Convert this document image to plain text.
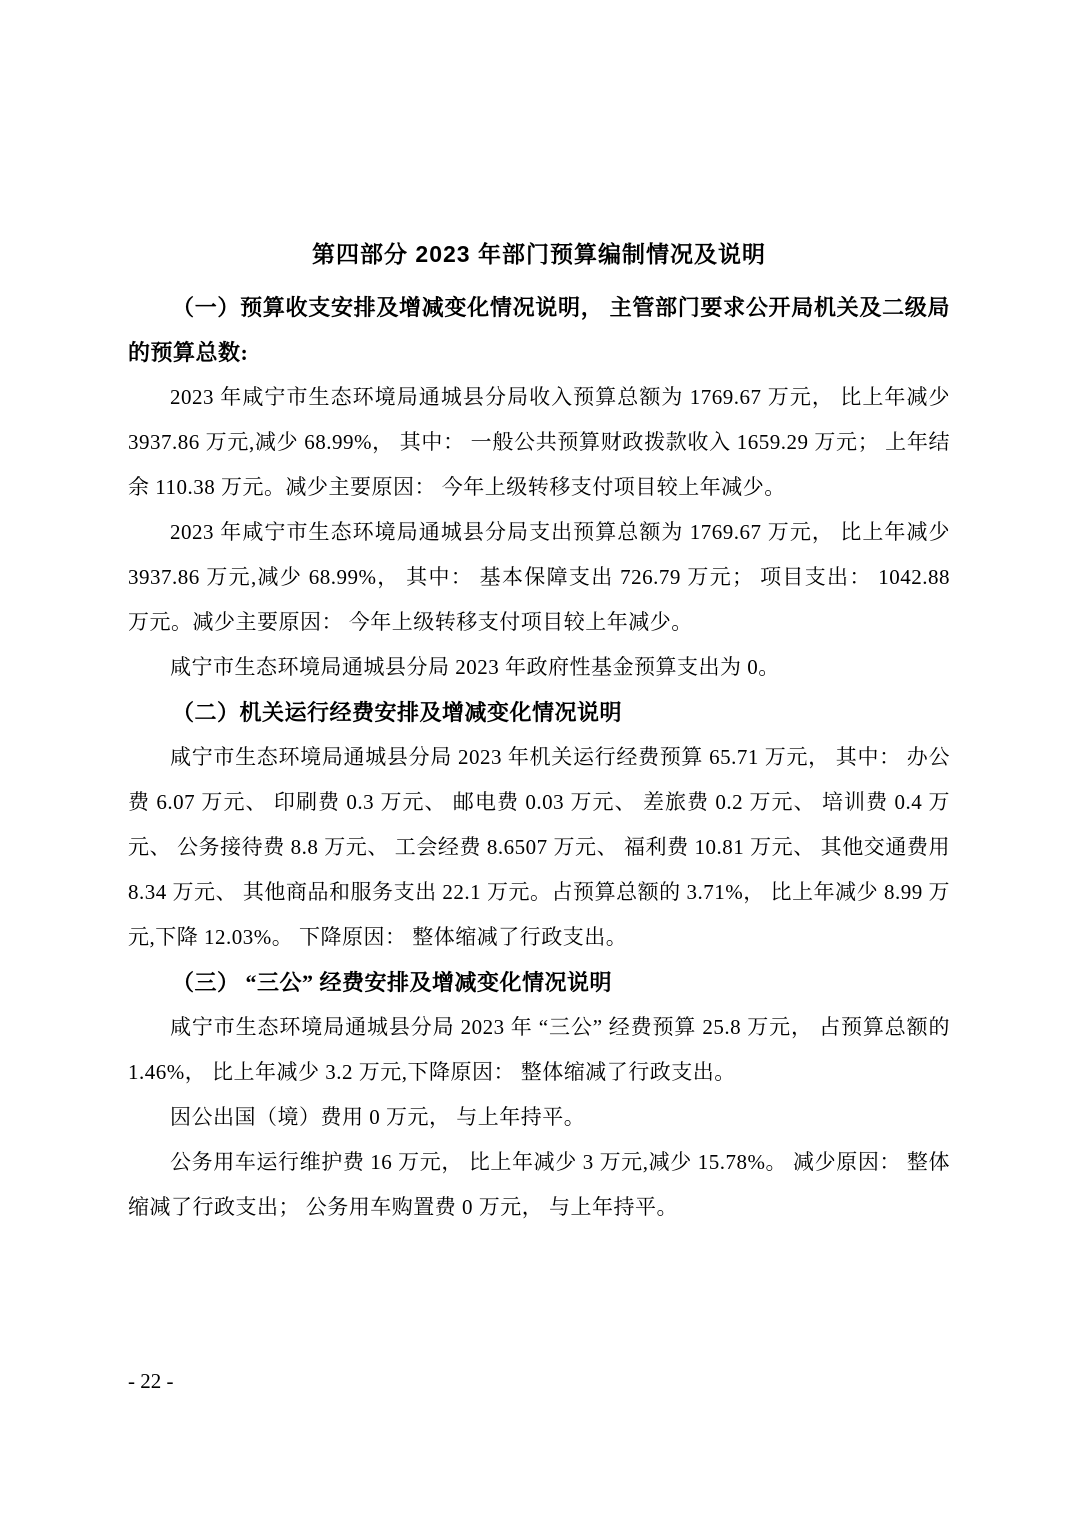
第四部分 2023 年部门预算编制情况及说明
（一）预算收支安排及增减变化情况说明， 主管部门要求公开局机关及二级局的预算总数:
2023 年咸宁市生态环境局通城县分局收入预算总额为 1769.67 万元， 比上年减少 3937.86 万元,减少 68.99%， 其中： 一般公共预算财政拨款收入 1659.29 万元； 上年结余 110.38 万元。减少主要原因： 今年上级转移支付项目较上年减少。
2023 年咸宁市生态环境局通城县分局支出预算总额为 1769.67 万元， 比上年减少 3937.86 万元,减少 68.99%， 其中： 基本保障支出 726.79 万元； 项目支出： 1042.88 万元。减少主要原因： 今年上级转移支付项目较上年减少。
咸宁市生态环境局通城县分局 2023 年政府性基金预算支出为 0。
（二）机关运行经费安排及增减变化情况说明
咸宁市生态环境局通城县分局 2023 年机关运行经费预算 65.71 万元， 其中： 办公费 6.07 万元、 印刷费 0.3 万元、 邮电费 0.03 万元、 差旅费 0.2 万元、 培训费 0.4 万元、 公务接待费 8.8 万元、 工会经费 8.6507 万元、 福利费 10.81 万元、 其他交通费用 8.34 万元、 其他商品和服务支出 22.1 万元。占预算总额的 3.71%， 比上年减少 8.99 万元,下降 12.03%。 下降原因： 整体缩减了行政支出。
（三） “三公” 经费安排及增减变化情况说明
咸宁市生态环境局通城县分局 2023 年 “三公” 经费预算 25.8 万元， 占预算总额的 1.46%， 比上年减少 3.2 万元,下降原因： 整体缩减了行政支出。
因公出国（境）费用 0 万元， 与上年持平。
公务用车运行维护费 16 万元， 比上年减少 3 万元,减少 15.78%。 减少原因： 整体缩减了行政支出； 公务用车购置费 0 万元， 与上年持平。
- 22 -
